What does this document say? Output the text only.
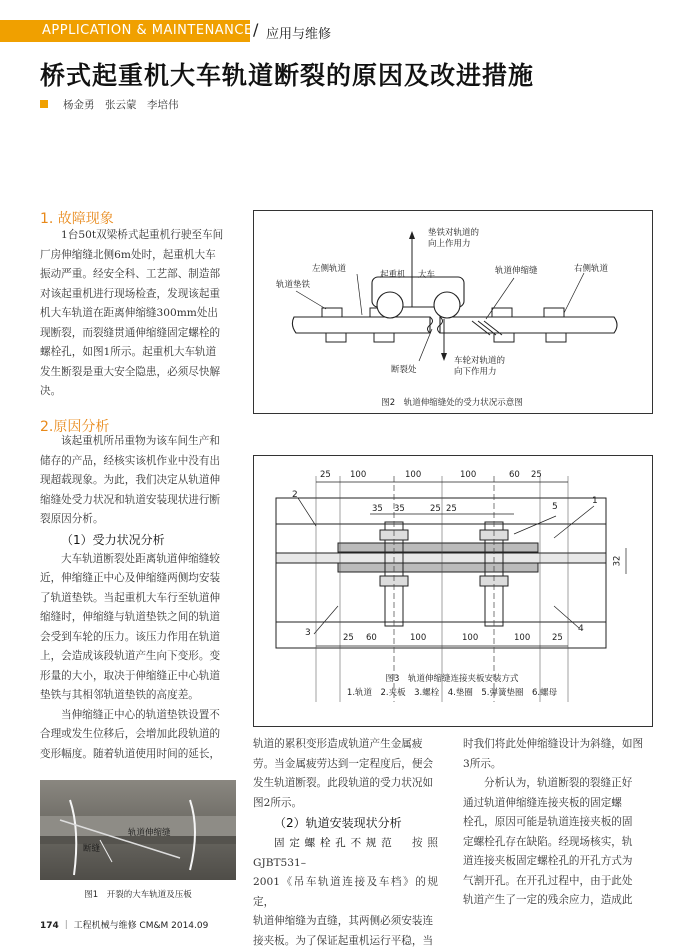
APPLICATION & MAINTENANCE / 应用与维修
桥式起重机大车轨道断裂的原因及改进措施
杨金勇　张云蒙　李培伟
1. 故障现象
1台50t双梁桥式起重机行驶至车间
厂房伸缩缝北侧6m处时，起重机大车
振动严重。经安全科、工艺部、制造部
对该起重机进行现场检查，发现该起重
机大车轨道在距离伸缩缝300mm处出
现断裂，而裂缝贯通伸缩缝固定螺栓的
螺栓孔，如图1所示。起重机大车轨道
发生断裂是重大安全隐患，必须尽快解
决。
2.原因分析
该起重机所吊重物为该车间生产和
储存的产品，经核实该机作业中没有出
现超载现象。为此，我们决定从轨道伸
缩缝处受力状况和轨道安装现状进行断
裂原因分析。
（1）受力状况分析
大车轨道断裂处距离轨道伸缩缝较
近，伸缩缝正中心及伸缩缝两侧均安装
了轨道垫铁。当起重机大车行至轨道伸
缩缝时，伸缩缝与轨道垫铁之间的轨道
会受到车轮的压力。该压力作用在轨道
上，会造成该段轨道产生向下变形。变
形量的大小，取决于伸缩缝正中心轨道
垫铁与其相邻轨道垫铁的高度差。
当伸缩缝正中心的轨道垫铁设置不
合理或发生位移后，会增加此段轨道的
变形幅度。随着轨道使用时间的延长，
轨道伸缩缝
断缝
图1　开裂的大车轨道及压板
垫铁对轨道的
向上作用力
左侧轨道
起重机 大车	轨道伸缩缝	右侧轨道
轨道垫铁
断裂处
车轮对轨道的
向下作用力
图2　轨道伸缩缝处的受力状况示意图
25 100	100	100	60 25
35 35	25 25
25 60	100	100	100	25
32
1
2
3	4
5
图3　轨道伸缩缝连接夹板安装方式
1.轨道　2.夹板　3.螺栓　4.垫圈　5.弹簧垫圈　6.螺母
轨道的累积变形造成轨道产生金属疲
劳。当金属疲劳达到一定程度后，便会
发生轨道断裂。此段轨道的受力状况如
图2所示。
（2）轨道安装现状分析
固定螺栓孔不规范　 按照GJBT531–
2001《吊车轨道连接及车档》的规定，
轨道伸缩缝为直缝，其两侧必须安装连
接夹板。为了保证起重机运行平稳，当
时我们将此处伸缩缝设计为斜缝，如图
3所示。
分析认为，轨道断裂的裂缝正好
通过轨道伸缩缝连接夹板的固定螺
栓孔，原因可能是轨道连接夹板的固
定螺栓孔存在缺陷。经现场核实，轨
道连接夹板固定螺栓孔的开孔方式为
气割开孔。在开孔过程中，由于此处
轨道产生了一定的残余应力，造成此
174 ｜ 工程机械与维修 CM&M 2014.09
